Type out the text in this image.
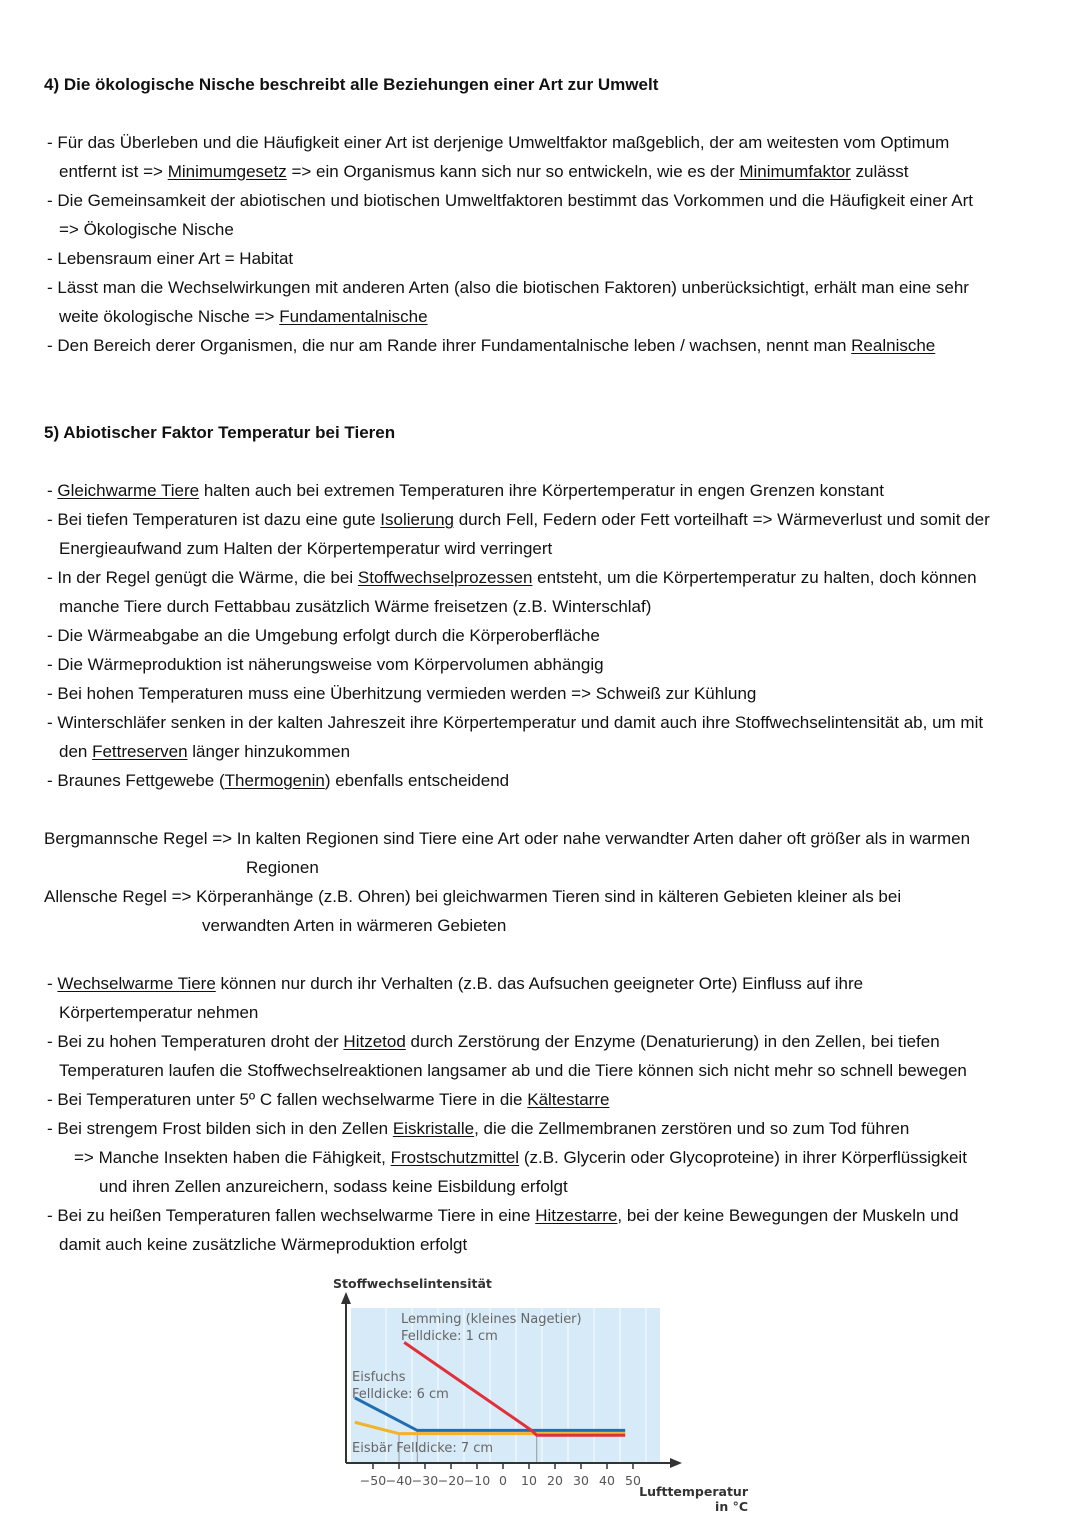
4) Die ökologische Nische beschreibt alle Beziehungen einer Art zur Umwelt
- Für das Überleben und die Häufigkeit einer Art ist derjenige Umweltfaktor maßgeblich, der am weitesten vom Optimum
entfernt ist => Minimumgesetz => ein Organismus kann sich nur so entwickeln, wie es der Minimumfaktor zulässt
- Die Gemeinsamkeit der abiotischen und biotischen Umweltfaktoren bestimmt das Vorkommen und die Häufigkeit einer Art
=> Ökologische Nische
- Lebensraum einer Art = Habitat
- Lässt man die Wechselwirkungen mit anderen Arten (also die biotischen Faktoren) unberücksichtigt, erhält man eine sehr
weite ökologische Nische => Fundamentalnische
- Den Bereich derer Organismen, die nur am Rande ihrer Fundamentalnische leben / wachsen, nennt man Realnische
5) Abiotischer Faktor Temperatur bei Tieren
- Gleichwarme Tiere halten auch bei extremen Temperaturen ihre Körpertemperatur in engen Grenzen konstant
- Bei tiefen Temperaturen ist dazu eine gute Isolierung durch Fell, Federn oder Fett vorteilhaft => Wärmeverlust und somit der
Energieaufwand zum Halten der Körpertemperatur wird verringert
- In der Regel genügt die Wärme, die bei Stoffwechselprozessen entsteht, um die Körpertemperatur zu halten, doch können
manche Tiere durch Fettabbau zusätzlich Wärme freisetzen (z.B. Winterschlaf)
- Die Wärmeabgabe an die Umgebung erfolgt durch die Körperoberfläche
- Die Wärmeproduktion ist näherungsweise vom Körpervolumen abhängig
- Bei hohen Temperaturen muss eine Überhitzung vermieden werden => Schweiß zur Kühlung
- Winterschläfer senken in der kalten Jahreszeit ihre Körpertemperatur und damit auch ihre Stoffwechselintensität ab, um mit
den Fettreserven länger hinzukommen
- Braunes Fettgewebe (Thermogenin) ebenfalls entscheidend
Bergmannsche Regel => In kalten Regionen sind Tiere eine Art oder nahe verwandter Arten daher oft größer als in warmen
Regionen
Allensche Regel => Körperanhänge (z.B. Ohren) bei gleichwarmen Tieren sind in kälteren Gebieten kleiner als bei
verwandten Arten in wärmeren Gebieten
- Wechselwarme Tiere können nur durch ihr Verhalten (z.B. das Aufsuchen geeigneter Orte) Einfluss auf ihre
Körpertemperatur nehmen
- Bei zu hohen Temperaturen droht der Hitzetod durch Zerstörung der Enzyme (Denaturierung) in den Zellen, bei tiefen
Temperaturen laufen die Stoffwechselreaktionen langsamer ab und die Tiere können sich nicht mehr so schnell bewegen
- Bei Temperaturen unter 5º C fallen wechselwarme Tiere in die Kältestarre
- Bei strengem Frost bilden sich in den Zellen Eiskristalle, die die Zellmembranen zerstören und so zum Tod führen
=> Manche Insekten haben die Fähigkeit, Frostschutzmittel (z.B. Glycerin oder Glycoproteine) in ihrer Körperflüssigkeit
und ihren Zellen anzureichern, sodass keine Eisbildung erfolgt
- Bei zu heißen Temperaturen fallen wechselwarme Tiere in eine Hitzestarre, bei der keine Bewegungen der Muskeln und
damit auch keine zusätzliche Wärmeproduktion erfolgt
−50 −40 −30 −20 −10 0 10 20 30 40 50
Stoffwechselintensität
Lufttemperatur
in °C
Lemming (kleines Nagetier)
Felldicke: 1 cm
Eisfuchs
Felldicke: 6 cm
Eisbär Felldicke: 7 cm
